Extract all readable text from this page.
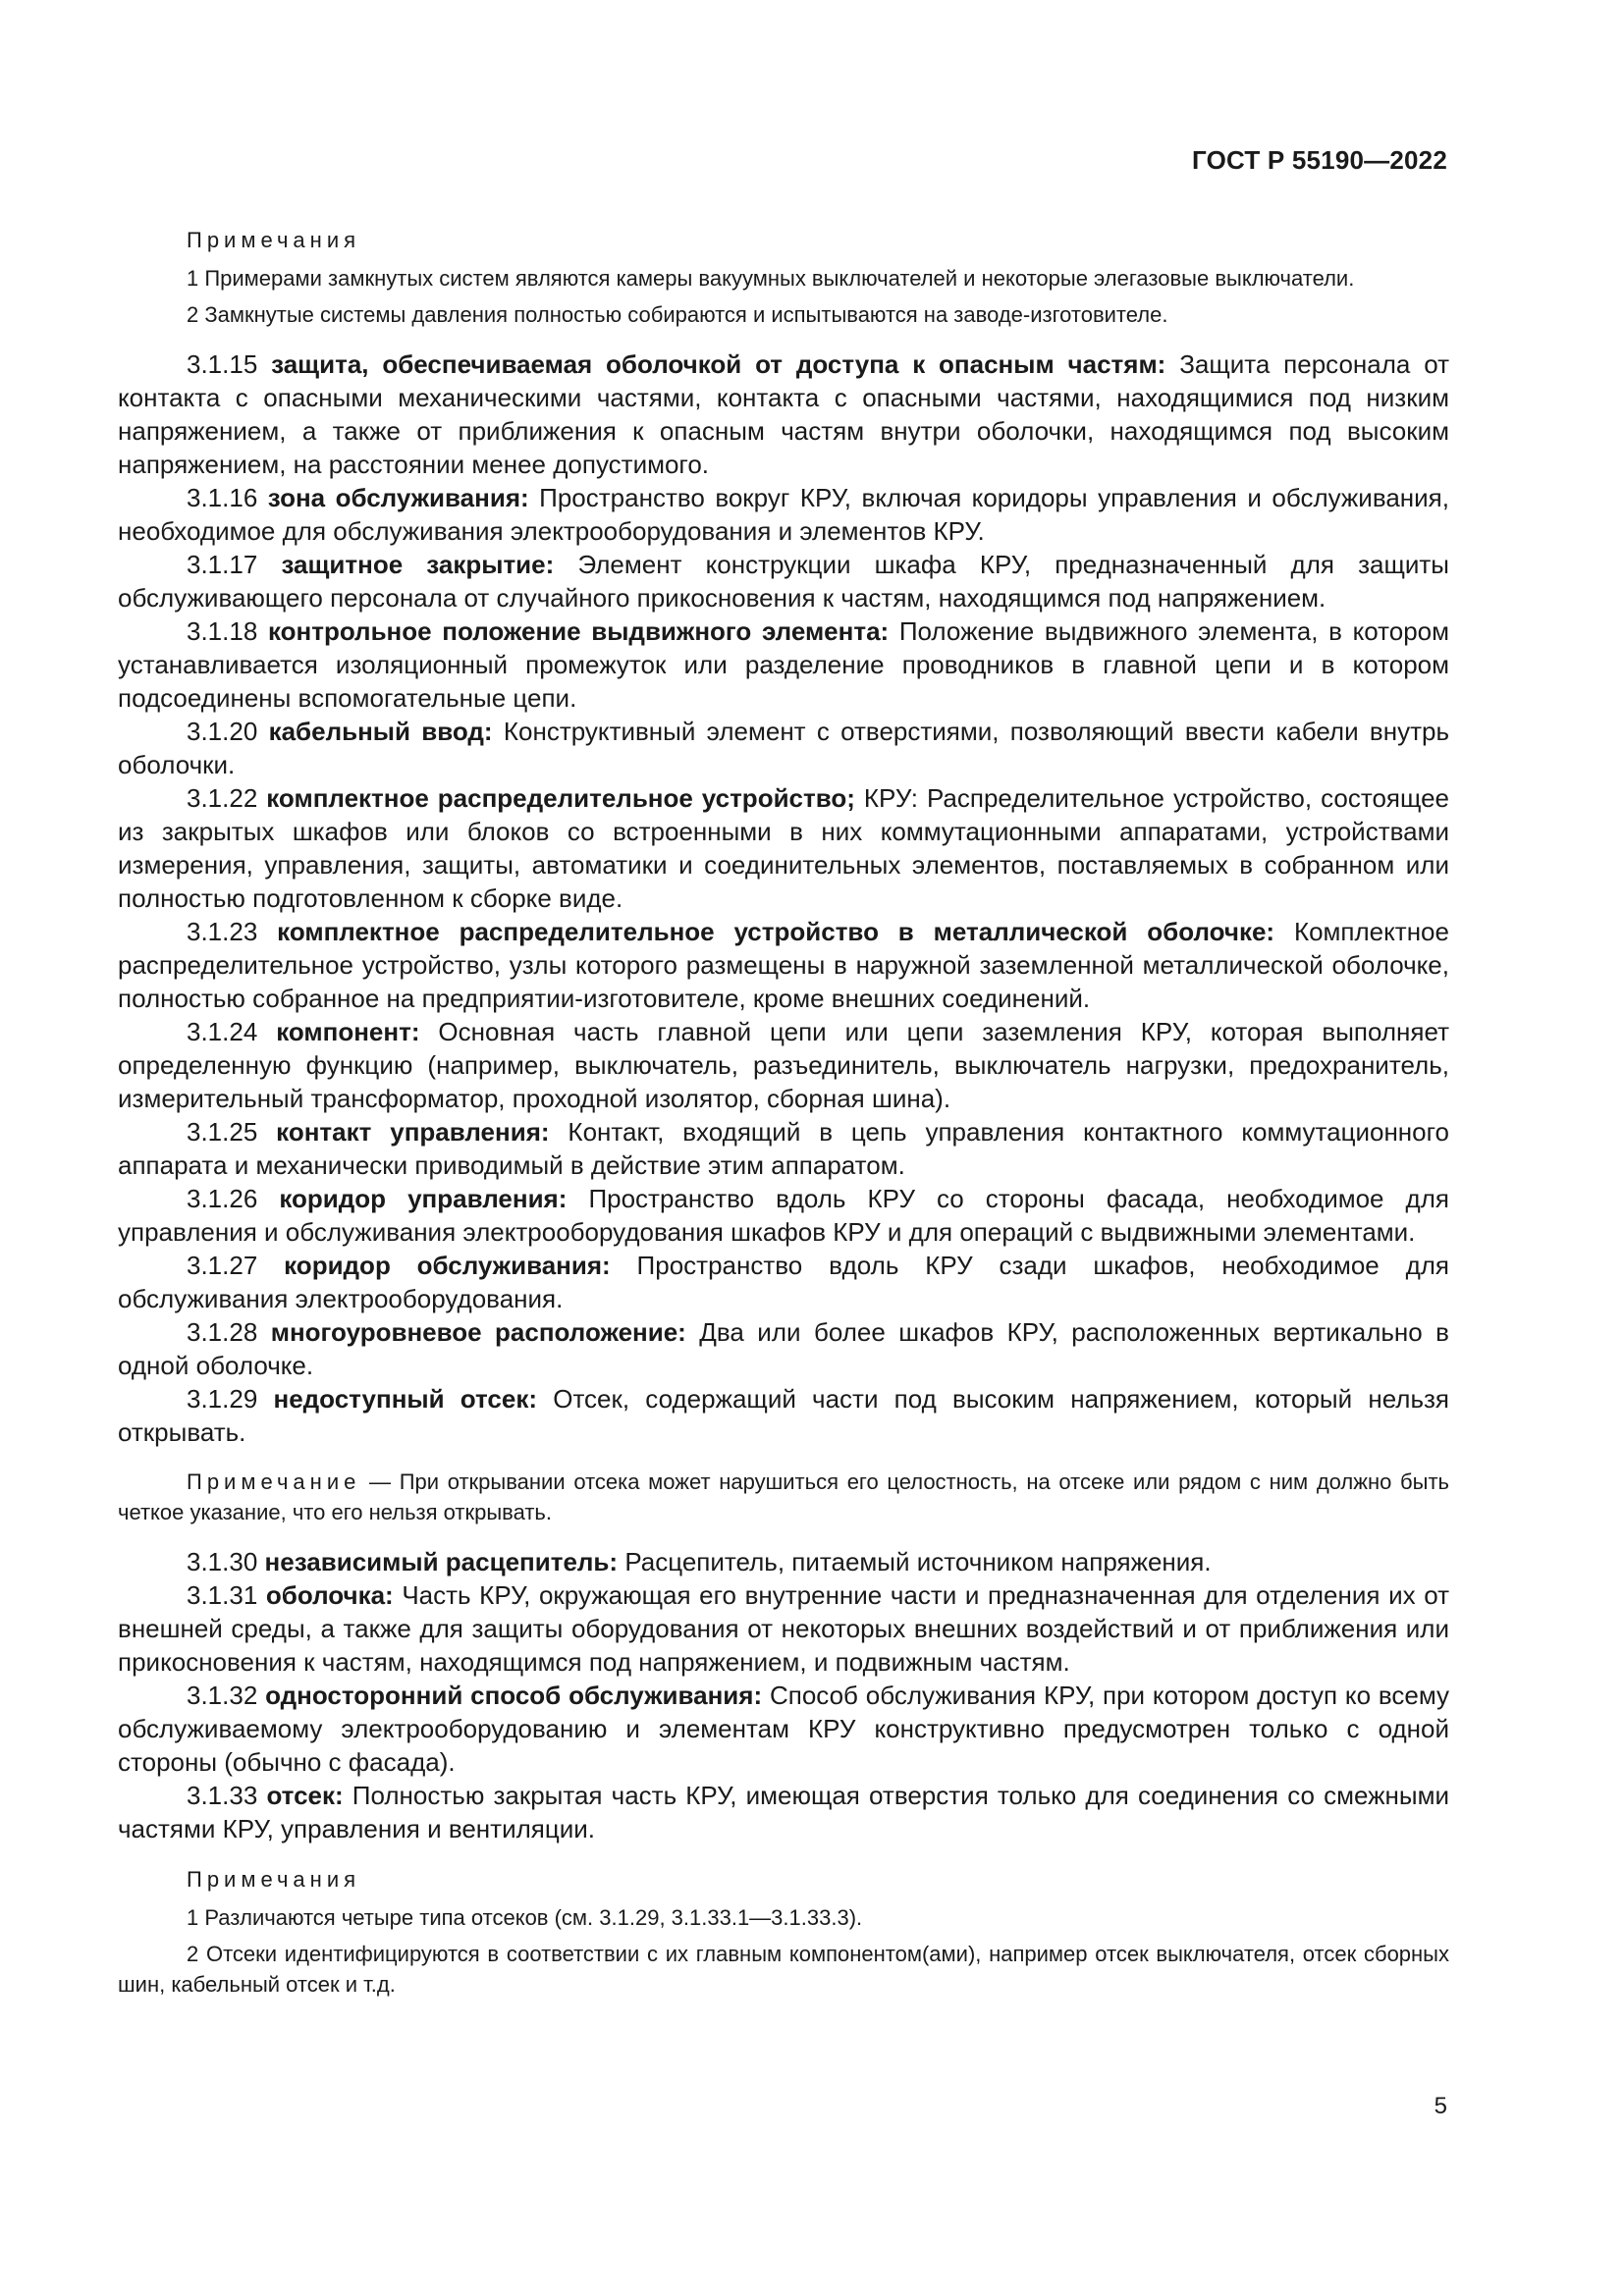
ГОСТ Р 55190—2022

Примечания

1 Примерами замкнутых систем являются камеры вакуумных выключателей и некоторые элегазовые выключатели.

2 Замкнутые системы давления полностью собираются и испытываются на заводе-изготовителе.

3.1.15 защита, обеспечиваемая оболочкой от доступа к опасным частям: Защита персонала от контакта с опасными механическими частями, контакта с опасными частями, находящимися под низким напряжением, а также от приближения к опасным частям внутри оболочки, находящимся под высоким напряжением, на расстоянии менее допустимого.

3.1.16 зона обслуживания: Пространство вокруг КРУ, включая коридоры управления и обслуживания, необходимое для обслуживания электрооборудования и элементов КРУ.

3.1.17 защитное закрытие: Элемент конструкции шкафа КРУ, предназначенный для защиты обслуживающего персонала от случайного прикосновения к частям, находящимся под напряжением.

3.1.18 контрольное положение выдвижного элемента: Положение выдвижного элемента, в котором устанавливается изоляционный промежуток или разделение проводников в главной цепи и в котором подсоединены вспомогательные цепи.

3.1.20 кабельный ввод: Конструктивный элемент с отверстиями, позволяющий ввести кабели внутрь оболочки.

3.1.22 комплектное распределительное устройство; КРУ: Распределительное устройство, состоящее из закрытых шкафов или блоков со встроенными в них коммутационными аппаратами, устройствами измерения, управления, защиты, автоматики и соединительных элементов, поставляемых в собранном или полностью подготовленном к сборке виде.

3.1.23 комплектное распределительное устройство в металлической оболочке: Комплектное распределительное устройство, узлы которого размещены в наружной заземленной металлической оболочке, полностью собранное на предприятии-изготовителе, кроме внешних соединений.

3.1.24 компонент: Основная часть главной цепи или цепи заземления КРУ, которая выполняет определенную функцию (например, выключатель, разъединитель, выключатель нагрузки, предохранитель, измерительный трансформатор, проходной изолятор, сборная шина).

3.1.25 контакт управления: Контакт, входящий в цепь управления контактного коммутационного аппарата и механически приводимый в действие этим аппаратом.

3.1.26 коридор управления: Пространство вдоль КРУ со стороны фасада, необходимое для управления и обслуживания электрооборудования шкафов КРУ и для операций с выдвижными элементами.

3.1.27 коридор обслуживания: Пространство вдоль КРУ сзади шкафов, необходимое для обслуживания электрооборудования.

3.1.28 многоуровневое расположение: Два или более шкафов КРУ, расположенных вертикально в одной оболочке.

3.1.29 недоступный отсек: Отсек, содержащий части под высоким напряжением, который нельзя открывать.

Примечание — При открывании отсека может нарушиться его целостность, на отсеке или рядом с ним должно быть четкое указание, что его нельзя открывать.

3.1.30 независимый расцепитель: Расцепитель, питаемый источником напряжения.

3.1.31 оболочка: Часть КРУ, окружающая его внутренние части и предназначенная для отделения их от внешней среды, а также для защиты оборудования от некоторых внешних воздействий и от приближения или прикосновения к частям, находящимся под напряжением, и подвижным частям.

3.1.32 односторонний способ обслуживания: Способ обслуживания КРУ, при котором доступ ко всему обслуживаемому электрооборудованию и элементам КРУ конструктивно предусмотрен только с одной стороны (обычно с фасада).

3.1.33 отсек: Полностью закрытая часть КРУ, имеющая отверстия только для соединения со смежными частями КРУ, управления и вентиляции.

Примечания

1 Различаются четыре типа отсеков (см. 3.1.29, 3.1.33.1—3.1.33.3).

2 Отсеки идентифицируются в соответствии с их главным компонентом(ами), например отсек выключателя, отсек сборных шин, кабельный отсек и т.д.

5
